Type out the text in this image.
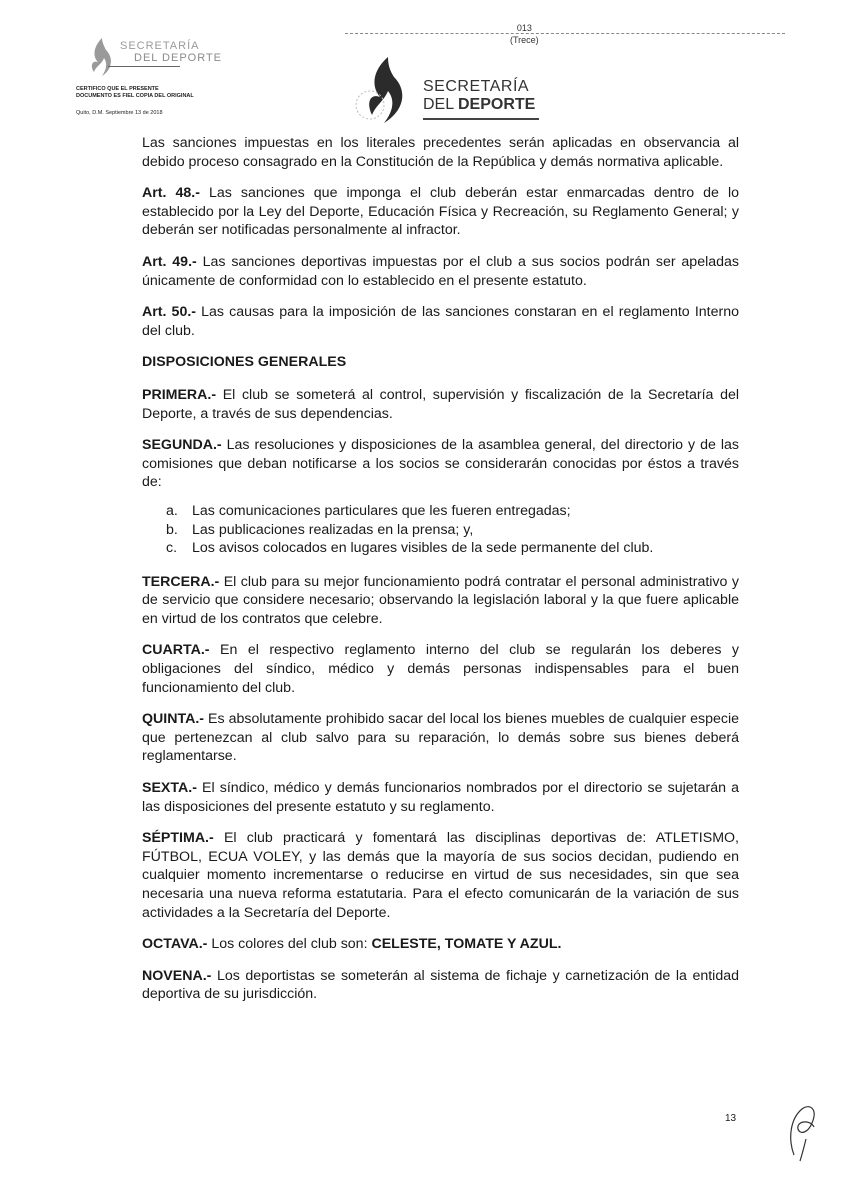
SECRETARÍA
DEL DEPORTE
CERTIFICO QUE EL PRESENTE DOCUMENTO ES FIEL COPIA DEL ORIGINAL
Quito, D.M. Septiembre 13 de 2018
013
(Trece)
SECRETARÍA
DEL DEPORTE

Las sanciones impuestas en los literales precedentes serán aplicadas en observancia al debido proceso consagrado en la Constitución de la República y demás normativa aplicable.

Art. 48.- Las sanciones que imponga el club deberán estar enmarcadas dentro de lo establecido por la Ley del Deporte, Educación Física y Recreación, su Reglamento General; y deberán ser notificadas personalmente al infractor.

Art. 49.- Las sanciones deportivas impuestas por el club a sus socios podrán ser apeladas únicamente de conformidad con lo establecido en el presente estatuto.

Art. 50.- Las causas para la imposición de las sanciones constaran en el reglamento Interno del club.

DISPOSICIONES GENERALES

PRIMERA.- El club se someterá al control, supervisión y fiscalización de la Secretaría del Deporte, a través de sus dependencias.

SEGUNDA.- Las resoluciones y disposiciones de la asamblea general, del directorio y de las comisiones que deban notificarse a los socios se considerarán conocidas por éstos a través de:

a. Las comunicaciones particulares que les fueren entregadas;
b. Las publicaciones realizadas en la prensa; y,
c.	Los avisos colocados en lugares visibles de la sede permanente del club.

TERCERA.- El club para su mejor funcionamiento podrá contratar el personal administrativo y de servicio que considere necesario; observando la legislación laboral y la que fuere aplicable en virtud de los contratos que celebre.

CUARTA.- En el respectivo reglamento interno del club se regularán los deberes y obligaciones del síndico, médico y demás personas indispensables para el buen funcionamiento del club.

QUINTA.- Es absolutamente prohibido sacar del local los bienes muebles de cualquier especie que pertenezcan al club salvo para su reparación, lo demás sobre sus bienes deberá reglamentarse.

SEXTA.- El síndico, médico y demás funcionarios nombrados por el directorio se sujetarán a las disposiciones del presente estatuto y su reglamento.

SÉPTIMA.- El club practicará y fomentará las disciplinas deportivas de: ATLETISMO, FÚTBOL, ECUA VOLEY, y las demás que la mayoría de sus socios decidan, pudiendo en cualquier momento incrementarse o reducirse en virtud de sus necesidades, sin que sea necesaria una nueva reforma estatutaria. Para el efecto comunicarán de la variación de sus actividades a la Secretaría del Deporte.

OCTAVA.- Los colores del club son: CELESTE, TOMATE Y AZUL.

NOVENA.- Los deportistas se someterán al sistema de fichaje y carnetización de la entidad deportiva de su jurisdicción.

13
